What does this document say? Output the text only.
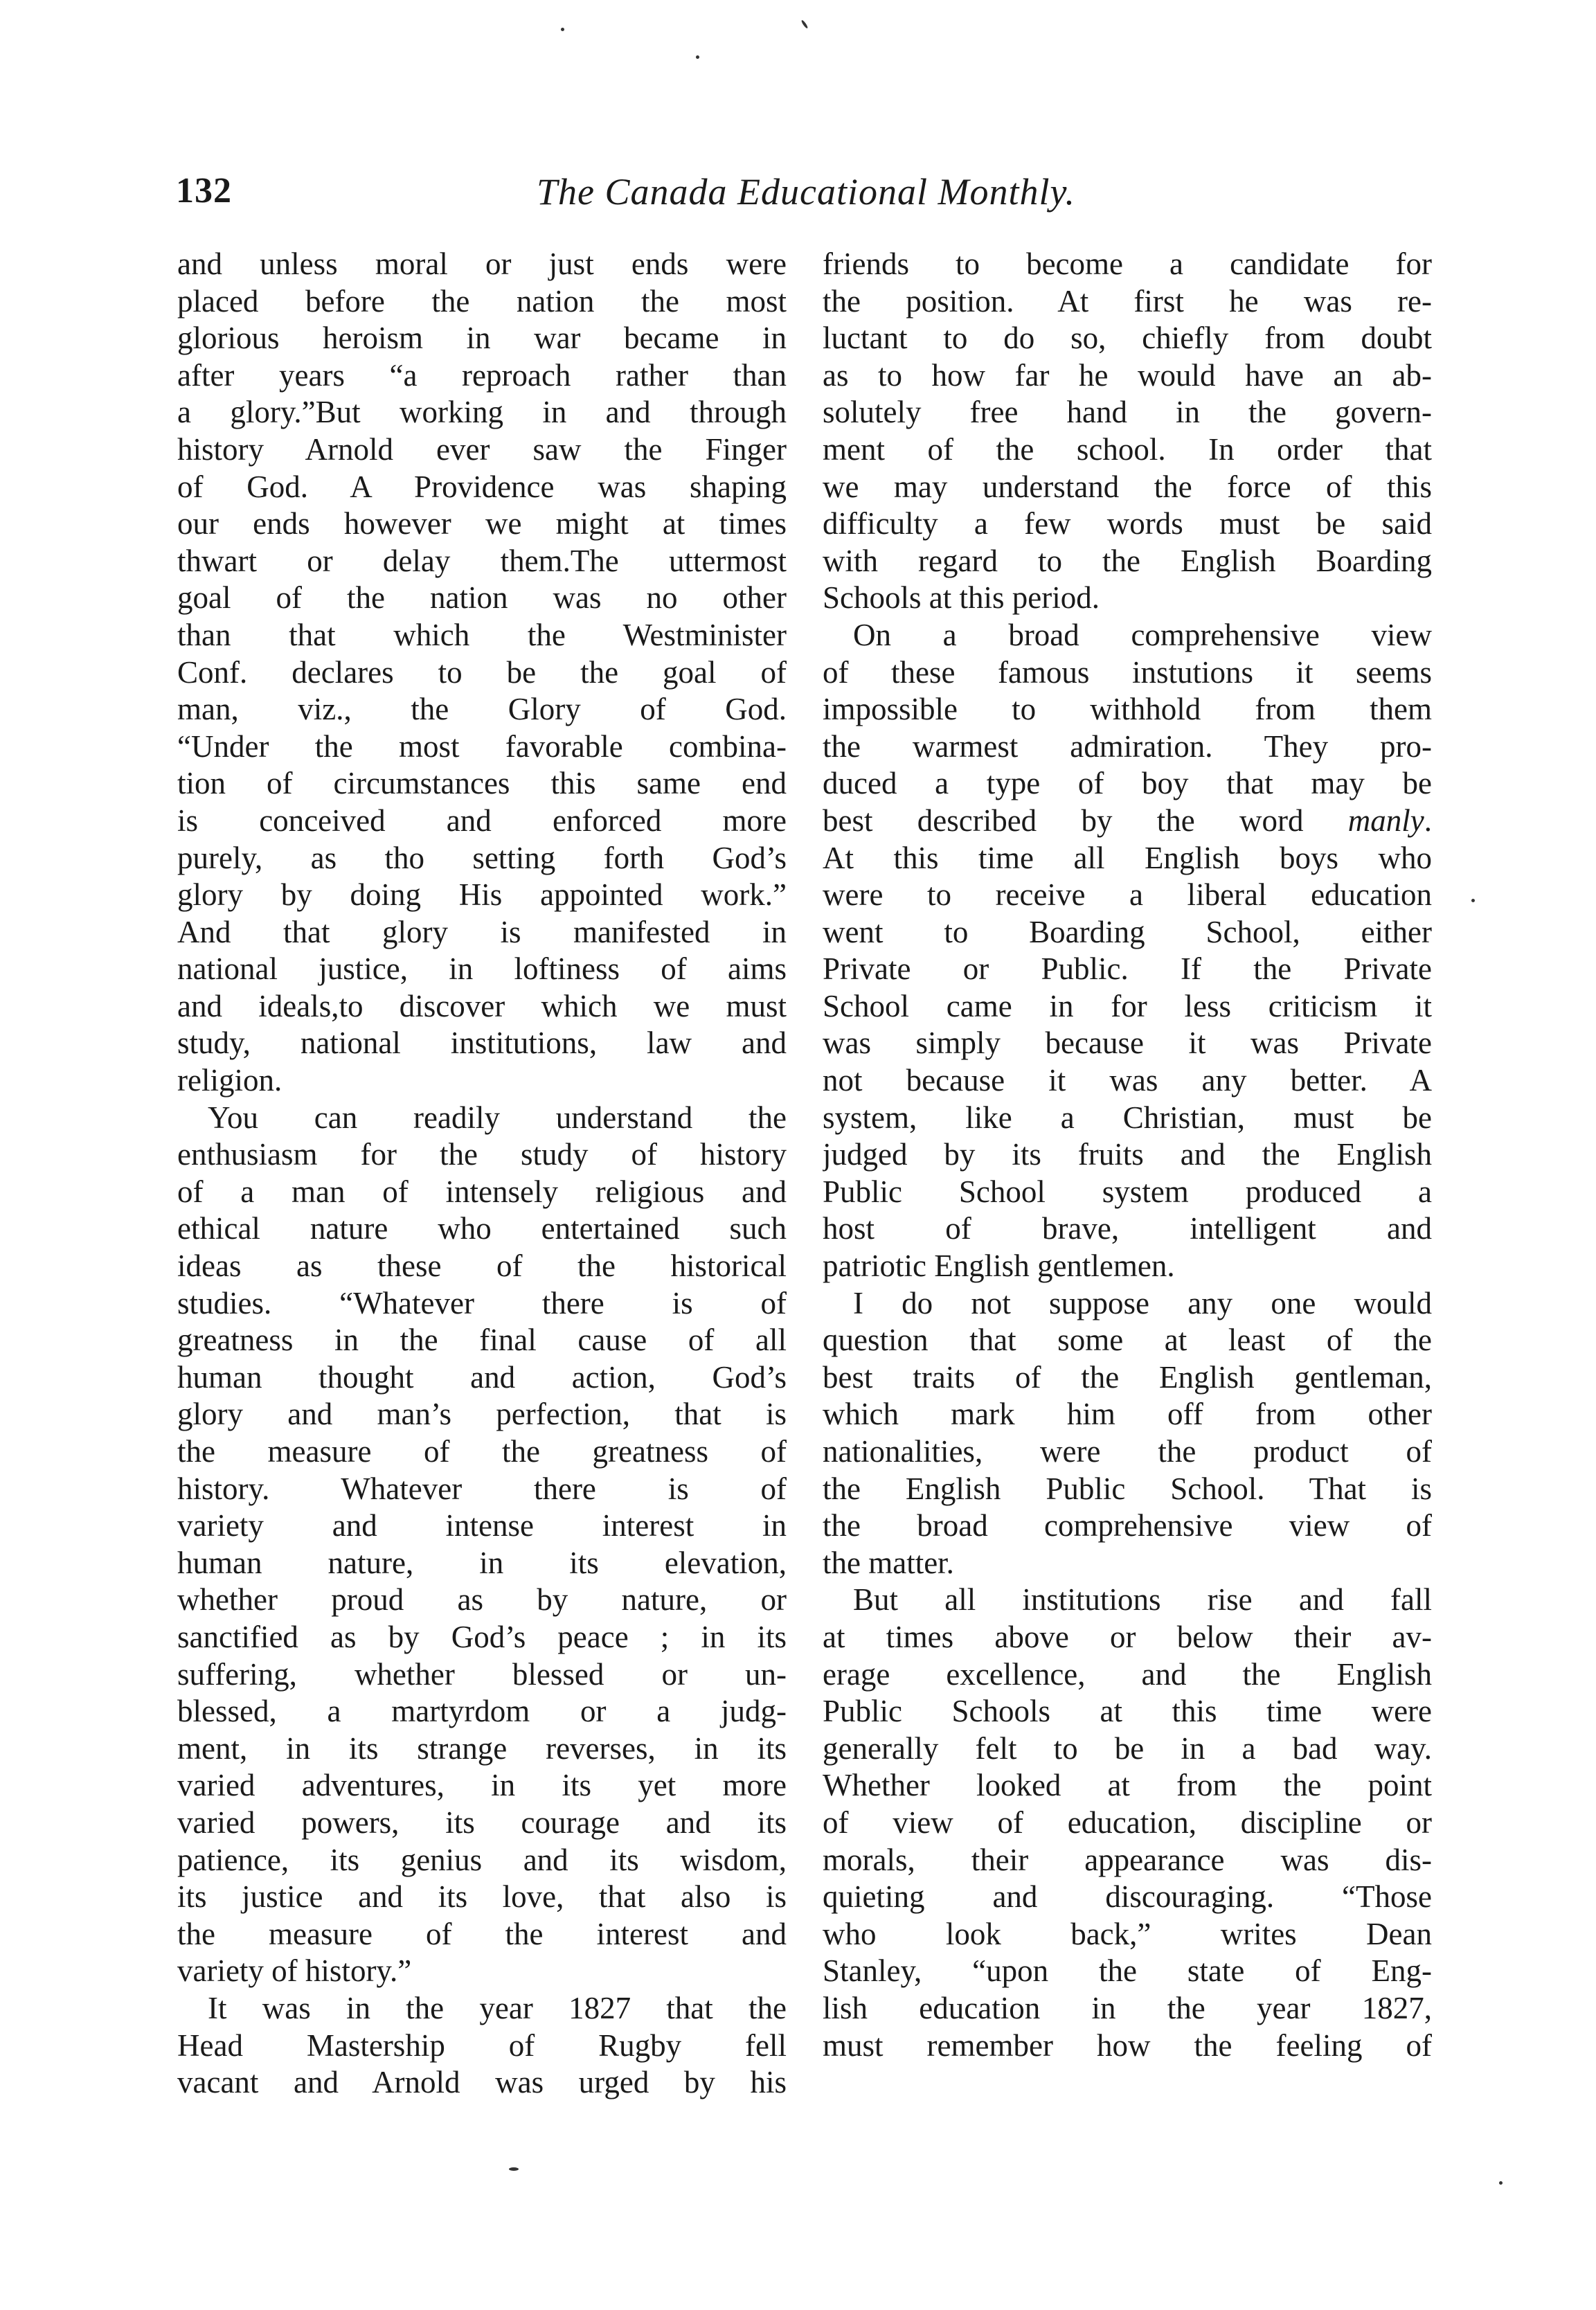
132	The Canada Educational Monthly.
and unless moral or just ends were
placed before the nation the most
glorious heroism in war became in
after years “a reproach rather than
a glory.”But working in and through
history Arnold ever saw the Finger
of God. A Providence was shaping
our ends however we might at times
thwart or delay them.The uttermost
goal of the nation was no other
than that which the Westminister
Conf. declares to be the goal of
man, viz., the Glory of God.
“Under the most favorable combina-
tion of circumstances this same end
is conceived and enforced more
purely, as tho setting forth God’s
glory by doing His appointed work.”
And that glory is manifested in
national justice, in loftiness of aims
and ideals,to discover which we must
study, national institutions, law and
religion.
You can readily understand the
enthusiasm for the study of history
of a man of intensely religious and
ethical nature who entertained such
ideas as these of the historical
studies. “Whatever there is of
greatness in the final cause of all
human thought and action, God’s
glory and man’s perfection, that is
the measure of the greatness of
history. Whatever there is of
variety and intense interest in
human nature, in its elevation,
whether proud as by nature, or
sanctified as by God’s peace ; in its
suffering, whether blessed or un-
blessed, a martyrdom or a judg-
ment, in its strange reverses, in its
varied adventures, in its yet more
varied powers, its courage and its
patience, its genius and its wisdom,
its justice and its love, that also is
the measure of the interest and
variety of history.”
It was in the year 1827 that the
Head Mastership of Rugby fell
vacant and Arnold was urged by his
friends to become a candidate for
the position. At first he was re-
luctant to do so, chiefly from doubt
as to how far he would have an ab-
solutely free hand in the govern-
ment of the school. In order that
we may understand the force of this
difficulty a few words must be said
with regard to the English Boarding
Schools at this period.
On a broad comprehensive view
of these famous instutions it seems
impossible to withhold from them
the warmest admiration. They pro-
duced a type of boy that may be
best described by the word manly.
At this time all English boys who
were to receive a liberal education
went to Boarding School, either
Private or Public. If the Private
School came in for less criticism it
was simply because it was Private
not because it was any better. A
system, like a Christian, must be
judged by its fruits and the English
Public School system produced a
host of brave, intelligent and
patriotic English gentlemen.
I do not suppose any one would
question that some at least of the
best traits of the English gentleman,
which mark him off from other
nationalities, were the product of
the English Public School. That is
the broad comprehensive view of
the matter.
But all institutions rise and fall
at times above or below their av-
erage excellence, and the English
Public Schools at this time were
generally felt to be in a bad way.
Whether looked at from the point
of view of education, discipline or
morals, their appearance was dis-
quieting and discouraging. “Those
who look back,” writes Dean
Stanley, “upon the state of Eng-
lish education in the year 1827,
must remember how the feeling of
